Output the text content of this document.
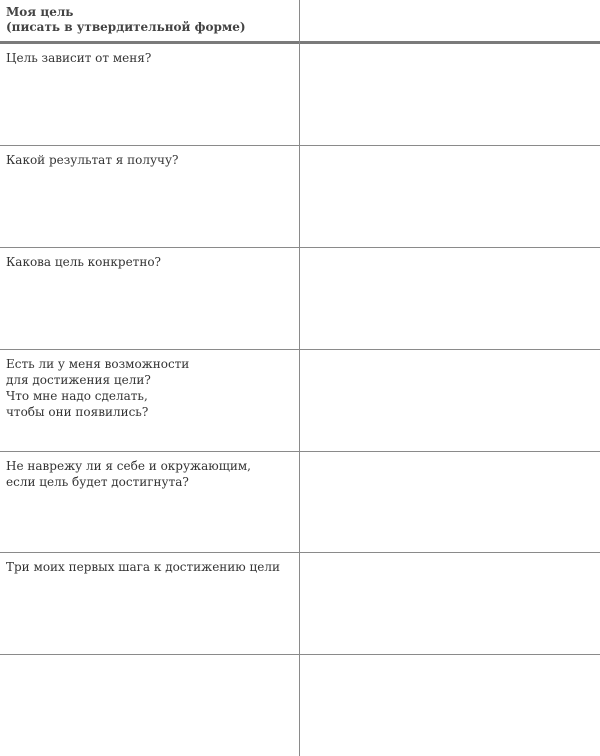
Моя цель
(писать в утвердительной форме)
Цель зависит от меня?
Какой результат я получу?
Какова цель конкретно?
Есть ли у меня возможности
для достижения цели?
Что мне надо сделать,
чтобы они появились?
Не наврежу ли я себе и окружающим,
если цель будет достигнута?
Три моих первых шага к достижению цели
